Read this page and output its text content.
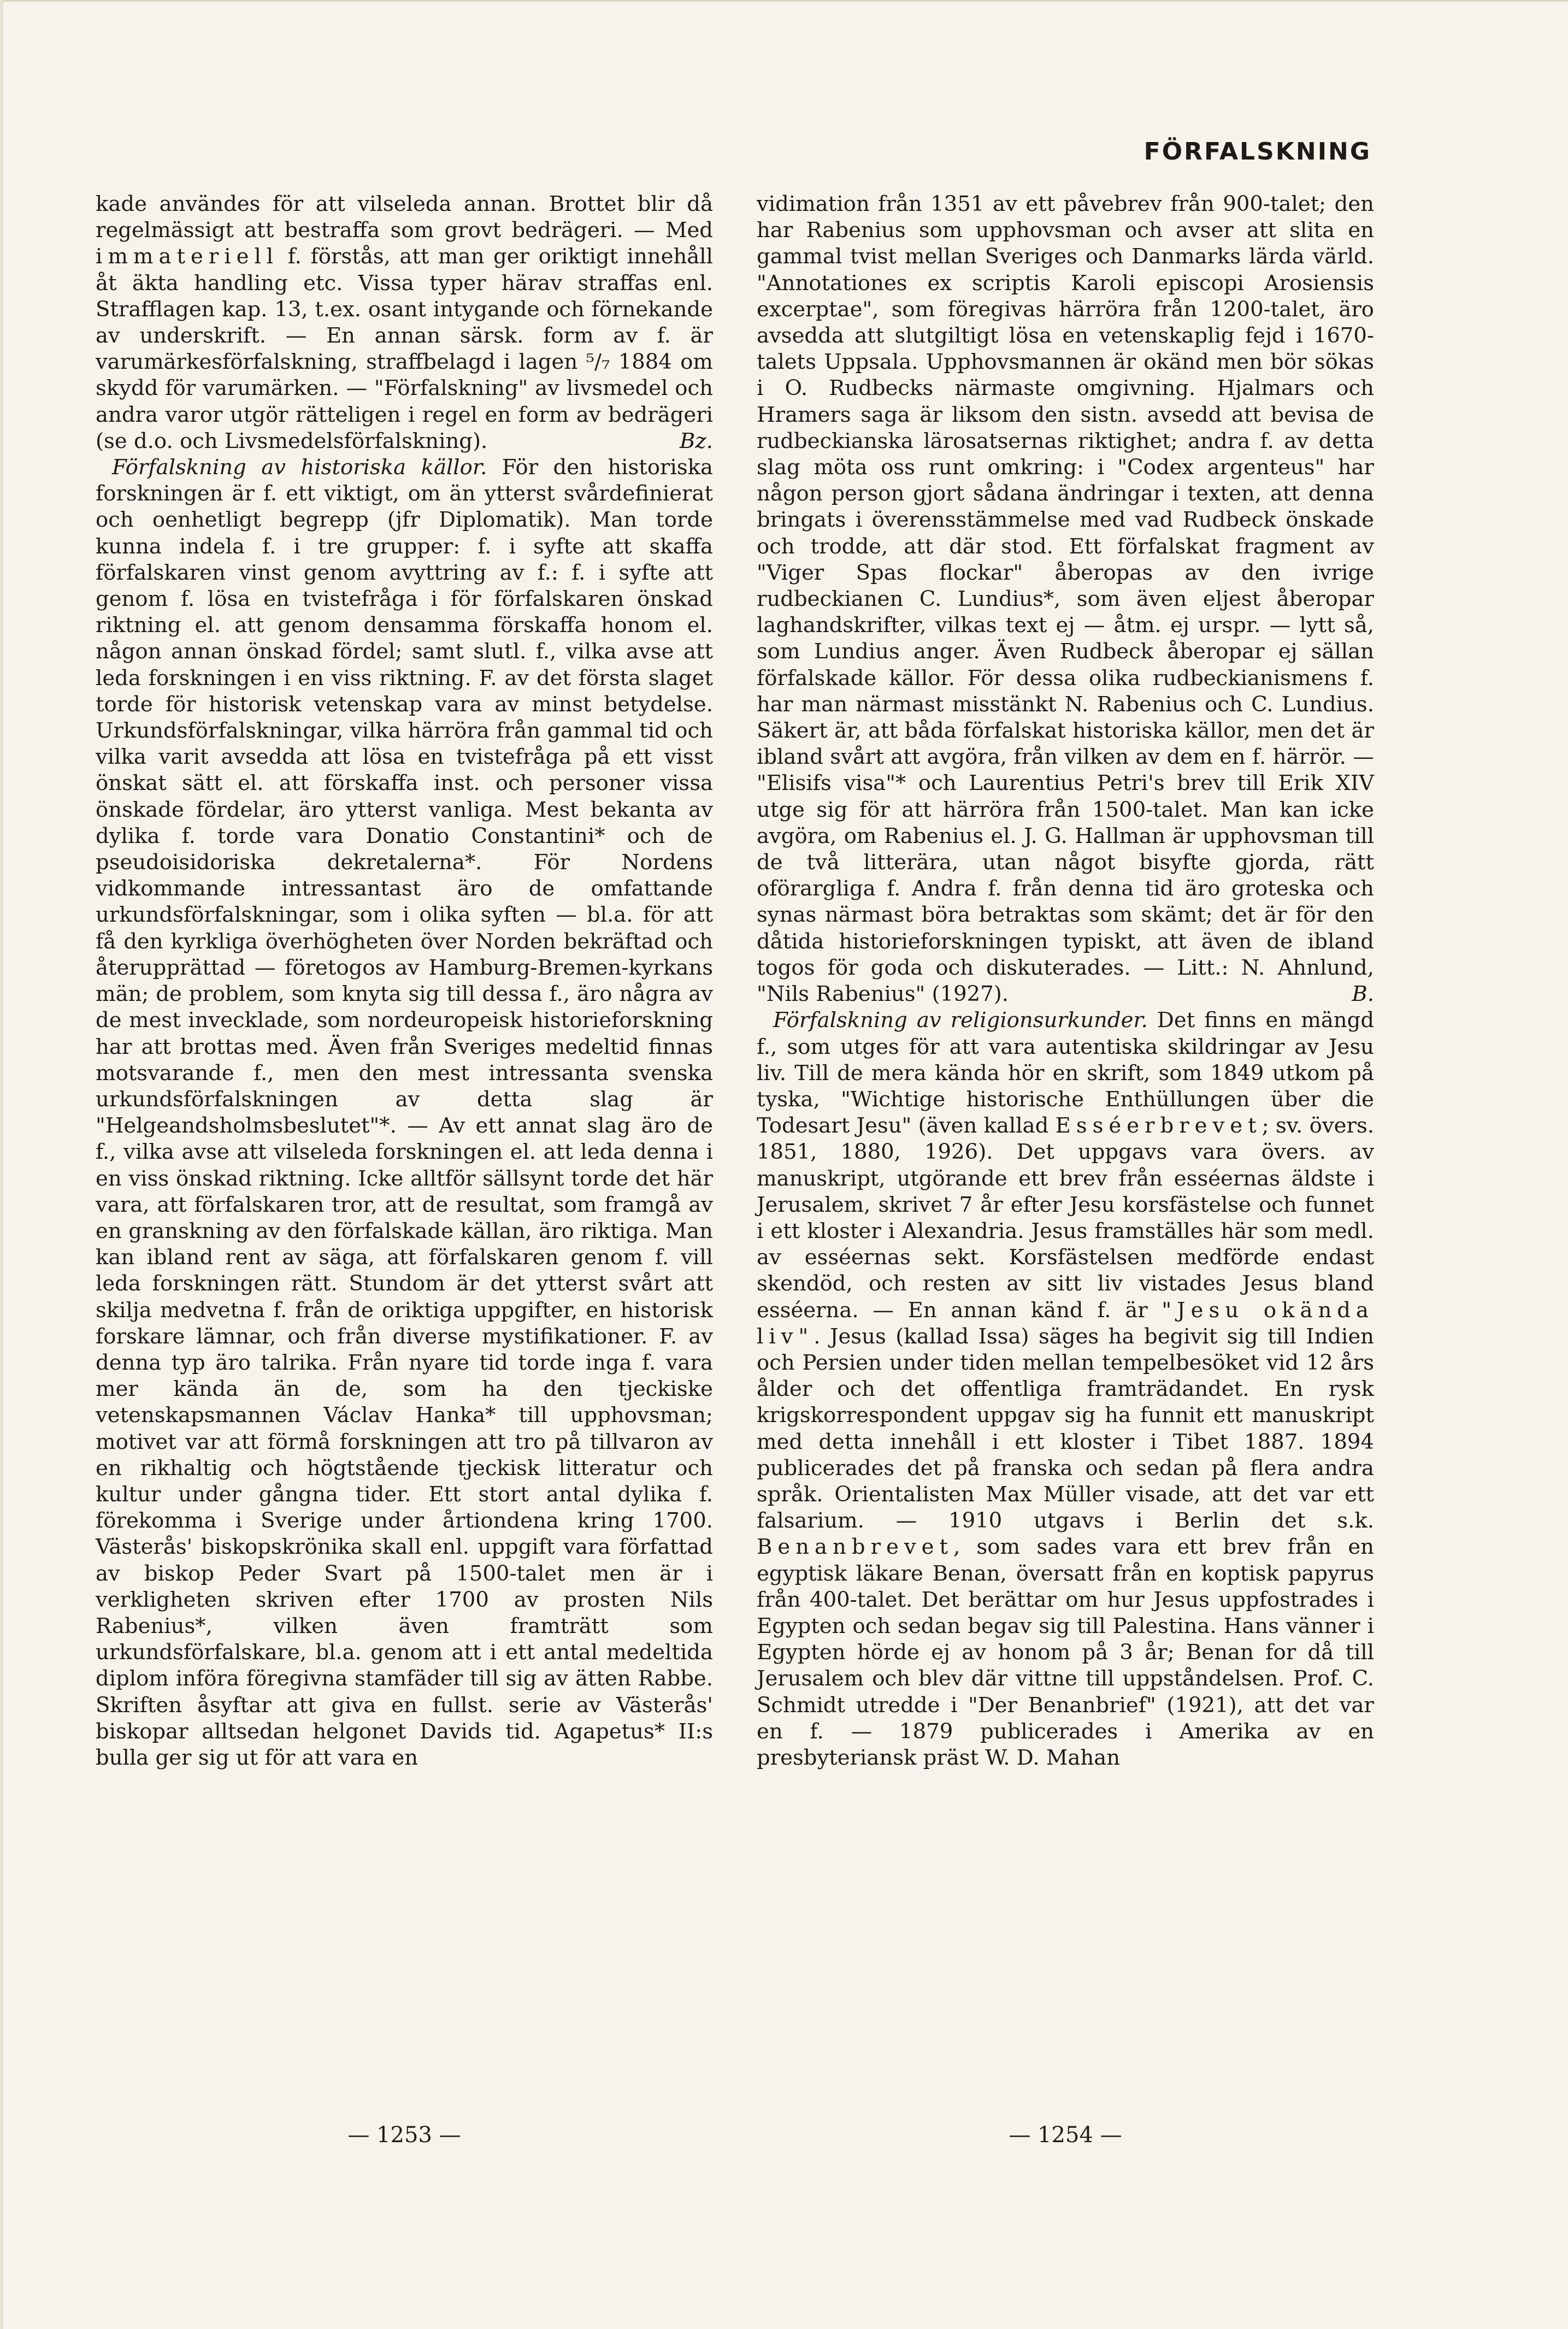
FÖRFALSKNING

kade användes för att vilseleda annan. Brottet blir då regelmässigt att bestraffa som grovt bedrägeri. — Med immateriell f. förstås, att man ger oriktigt innehåll åt äkta handling etc. Vissa typer härav straffas enl. Strafflagen kap. 13, t.ex. osant intygande och förnekande av underskrift. — En annan särsk. form av f. är varumärkesförfalskning, straffbelagd i lagen ⁵/₇ 1884 om skydd för varumärken. — "Förfalskning" av livsmedel och andra varor utgör rätteligen i regel en form av bedrägeri (se d.o. och Livsmedelsförfalskning).	Bz.

Förfalskning av historiska källor. För den historiska forskningen är f. ett viktigt, om än ytterst svårdefinierat och oenhetligt begrepp (jfr Diplomatik). Man torde kunna indela f. i tre grupper: f. i syfte att skaffa förfalskaren vinst genom avyttring av f.: f. i syfte att genom f. lösa en tvistefråga i för förfalskaren önskad riktning el. att genom densamma förskaffa honom el. någon annan önskad fördel; samt slutl. f., vilka avse att leda forskningen i en viss riktning. F. av det första slaget torde för historisk vetenskap vara av minst betydelse. Urkundsförfalskningar, vilka härröra från gammal tid och vilka varit avsedda att lösa en tvistefråga på ett visst önskat sätt el. att förskaffa inst. och personer vissa önskade fördelar, äro ytterst vanliga. Mest bekanta av dylika f. torde vara Donatio Constantini* och de pseudoisidoriska dekretalerna*. För Nordens vidkommande intressantast äro de omfattande urkundsförfalskningar, som i olika syften — bl.a. för att få den kyrkliga överhögheten över Norden bekräftad och återupprättad — företogos av Hamburg-Bremen-kyrkans män; de problem, som knyta sig till dessa f., äro några av de mest invecklade, som nordeuropeisk historieforskning har att brottas med. Även från Sveriges medeltid finnas motsvarande f., men den mest intressanta svenska urkundsförfalskningen av detta slag är "Helgeandsholmsbeslutet"*. — Av ett annat slag äro de f., vilka avse att vilseleda forskningen el. att leda denna i en viss önskad riktning. Icke alltför sällsynt torde det här vara, att förfalskaren tror, att de resultat, som framgå av en granskning av den förfalskade källan, äro riktiga. Man kan ibland rent av säga, att förfalskaren genom f. vill leda forskningen rätt. Stundom är det ytterst svårt att skilja medvetna f. från de oriktiga uppgifter, en historisk forskare lämnar, och från diverse mystifikationer. F. av denna typ äro talrika. Från nyare tid torde inga f. vara mer kända än de, som ha den tjeckiske vetenskapsmannen Václav Hanka* till upphovsman; motivet var att förmå forskningen att tro på tillvaron av en rikhaltig och högtstående tjeckisk litteratur och kultur under gångna tider. Ett stort antal dylika f. förekomma i Sverige under årtiondena kring 1700. Västerås' biskopskrönika skall enl. uppgift vara författad av biskop Peder Svart på 1500-talet men är i verkligheten skriven efter 1700 av prosten Nils Rabenius*, vilken även framträtt som urkundsförfalskare, bl.a. genom att i ett antal medeltida diplom införa föregivna stamfäder till sig av ätten Rabbe. Skriften åsyftar att giva en fullst. serie av Västerås' biskopar alltsedan helgonet Davids tid. Agapetus* II:s bulla ger sig ut för att vara en

vidimation från 1351 av ett påvebrev från 900-talet; den har Rabenius som upphovsman och avser att slita en gammal tvist mellan Sveriges och Danmarks lärda värld. "Annotationes ex scriptis Karoli episcopi Arosiensis excerptae", som föregivas härröra från 1200-talet, äro avsedda att slutgiltigt lösa en vetenskaplig fejd i 1670-talets Uppsala. Upphovsmannen är okänd men bör sökas i O. Rudbecks närmaste omgivning. Hjalmars och Hramers saga är liksom den sistn. avsedd att bevisa de rudbeckianska lärosatsernas riktighet; andra f. av detta slag möta oss runt omkring: i "Codex argenteus" har någon person gjort sådana ändringar i texten, att denna bringats i överensstämmelse med vad Rudbeck önskade och trodde, att där stod. Ett förfalskat fragment av "Viger Spas flockar" åberopas av den ivrige rudbeckianen C. Lundius*, som även eljest åberopar laghandskrifter, vilkas text ej — åtm. ej urspr. — lytt så, som Lundius anger. Även Rudbeck åberopar ej sällan förfalskade källor. För dessa olika rudbeckianismens f. har man närmast misstänkt N. Rabenius och C. Lundius. Säkert är, att båda förfalskat historiska källor, men det är ibland svårt att avgöra, från vilken av dem en f. härrör. — "Elisifs visa"* och Laurentius Petri's brev till Erik XIV utge sig för att härröra från 1500-talet. Man kan icke avgöra, om Rabenius el. J. G. Hallman är upphovsman till de två litterära, utan något bisyfte gjorda, rätt oförargliga f. Andra f. från denna tid äro groteska och synas närmast böra betraktas som skämt; det är för den dåtida historieforskningen typiskt, att även de ibland togos för goda och diskuterades. — Litt.: N. Ahnlund, "Nils Rabenius" (1927).	B.

Förfalskning av religionsurkunder. Det finns en mängd f., som utges för att vara autentiska skildringar av Jesu liv. Till de mera kända hör en skrift, som 1849 utkom på tyska, "Wichtige historische Enthüllungen über die Todesart Jesu" (även kallad Esséerbrevet; sv. övers. 1851, 1880, 1926). Det uppgavs vara övers. av manuskript, utgörande ett brev från esséernas äldste i Jerusalem, skrivet 7 år efter Jesu korsfästelse och funnet i ett kloster i Alexandria. Jesus framställes här som medl. av esséernas sekt. Korsfästelsen medförde endast skendöd, och resten av sitt liv vistades Jesus bland esséerna. — En annan känd f. är "Jesu okända liv". Jesus (kallad Issa) säges ha begivit sig till Indien och Persien under tiden mellan tempelbesöket vid 12 års ålder och det offentliga framträdandet. En rysk krigskorrespondent uppgav sig ha funnit ett manuskript med detta innehåll i ett kloster i Tibet 1887. 1894 publicerades det på franska och sedan på flera andra språk. Orientalisten Max Müller visade, att det var ett falsarium. — 1910 utgavs i Berlin det s.k. Benanbrevet, som sades vara ett brev från en egyptisk läkare Benan, översatt från en koptisk papyrus från 400-talet. Det berättar om hur Jesus uppfostrades i Egypten och sedan begav sig till Palestina. Hans vänner i Egypten hörde ej av honom på 3 år; Benan for då till Jerusalem och blev där vittne till uppståndelsen. Prof. C. Schmidt utredde i "Der Benanbrief" (1921), att det var en f. — 1879 publicerades i Amerika av en presbyteriansk präst W. D. Mahan

— 1253 —	— 1254 —
